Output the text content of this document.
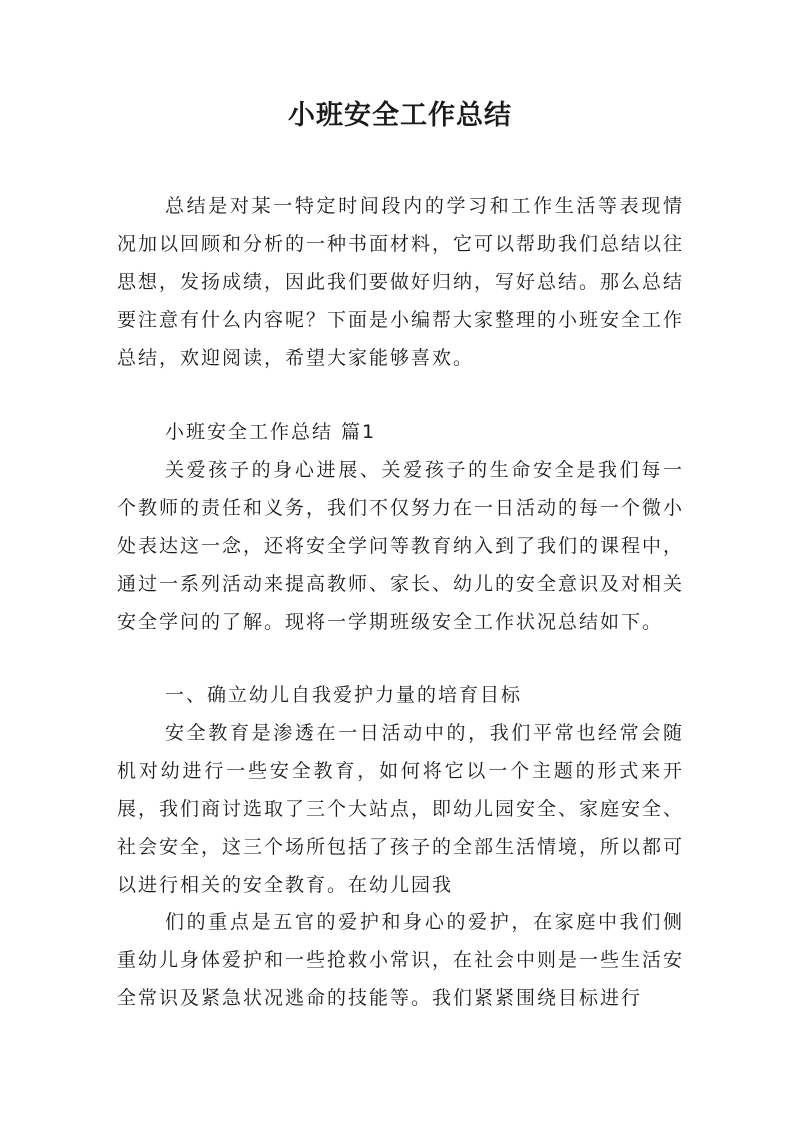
小班安全工作总结

总结是对某一特定时间段内的学习和工作生活等表现情况加以回顾和分析的一种书面材料，它可以帮助我们总结以往思想，发扬成绩，因此我们要做好归纳，写好总结。那么总结要注意有什么内容呢？下面是小编帮大家整理的小班安全工作总结，欢迎阅读，希望大家能够喜欢。

小班安全工作总结 篇1

关爱孩子的身心进展、关爱孩子的生命安全是我们每一个教师的责任和义务，我们不仅努力在一日活动的每一个微小处表达这一念，还将安全学问等教育纳入到了我们的课程中，通过一系列活动来提高教师、家长、幼儿的安全意识及对相关安全学问的了解。现将一学期班级安全工作状况总结如下。

一、确立幼儿自我爱护力量的培育目标

安全教育是渗透在一日活动中的，我们平常也经常会随机对幼进行一些安全教育，如何将它以一个主题的形式来开展，我们商讨选取了三个大站点，即幼儿园安全、家庭安全、社会安全，这三个场所包括了孩子的全部生活情境，所以都可以进行相关的安全教育。在幼儿园我

们的重点是五官的爱护和身心的爱护，在家庭中我们侧重幼儿身体爱护和一些抢救小常识，在社会中则是一些生活安全常识及紧急状况逃命的技能等。我们紧紧围绕目标进行
